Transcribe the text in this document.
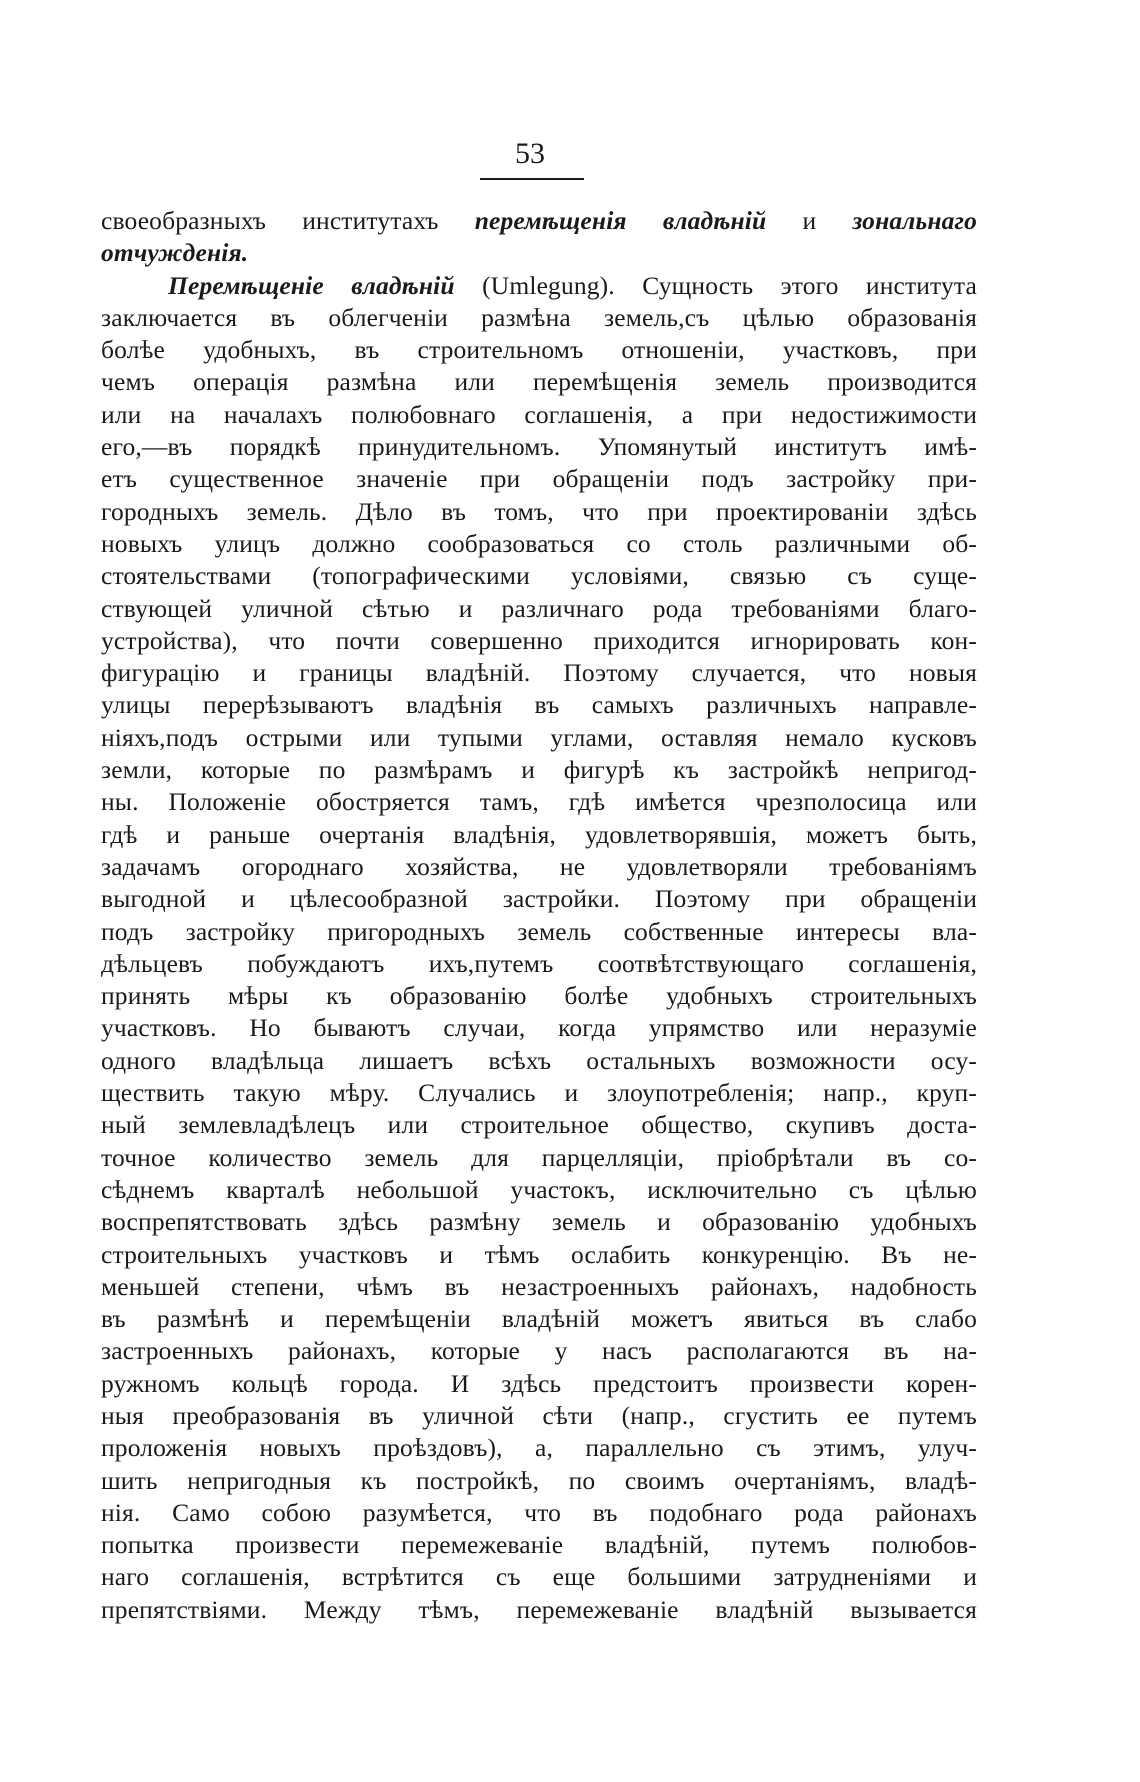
53
своеобразныхъ институтахъ перемѣщенія владѣній и зональнаго
отчужденія.
Перемѣщеніе владѣній (Umlegung). Сущность этого института
заключается въ облегченіи размѣна земель,съ цѣлью образованія
болѣе удобныхъ, въ строительномъ отношеніи, участковъ, при
чемъ операція размѣна или перемѣщенія земель производится
или на началахъ полюбовнаго соглашенія, а при недостижимости
его,—въ порядкѣ принудительномъ. Упомянутый институтъ имѣ-
етъ существенное значеніе при обращеніи подъ застройку при-
городныхъ земель. Дѣло въ томъ, что при проектированіи здѣсь
новыхъ улицъ должно сообразоваться со столь различными об-
стоятельствами (топографическими условіями, связью съ суще-
ствующей уличной сѣтью и различнаго рода требованіями благо-
устройства), что почти совершенно приходится игнорировать кон-
фигурацію и границы владѣній. Поэтому случается, что новыя
улицы перерѣзываютъ владѣнія въ самыхъ различныхъ направле-
ніяхъ,подъ острыми или тупыми углами, оставляя немало кусковъ
земли, которые по размѣрамъ и фигурѣ къ застройкѣ непригод-
ны. Положеніе обостряется тамъ, гдѣ имѣется чрезполосица или
гдѣ и раньше очертанія владѣнія, удовлетворявшія, можетъ быть,
задачамъ огороднаго хозяйства, не удовлетворяли требованіямъ
выгодной и цѣлесообразной застройки. Поэтому при обращеніи
подъ застройку пригородныхъ земель собственные интересы вла-
дѣльцевъ побуждаютъ ихъ,путемъ соотвѣтствующаго соглашенія,
принять мѣры къ образованію болѣе удобныхъ строительныхъ
участковъ. Но бываютъ случаи, когда упрямство или неразуміе
одного владѣльца лишаетъ всѣхъ остальныхъ возможности осу-
ществить такую мѣру. Случались и злоупотребленія; напр., круп-
ный землевладѣлецъ или строительное общество, скупивъ доста-
точное количество земель для парцелляціи, пріобрѣтали въ со-
сѣднемъ кварталѣ небольшой участокъ, исключительно съ цѣлью
воспрепятствовать здѣсь размѣну земель и образованію удобныхъ
строительныхъ участковъ и тѣмъ ослабить конкуренцію. Въ не-
меньшей степени, чѣмъ въ незастроенныхъ районахъ, надобность
въ размѣнѣ и перемѣщеніи владѣній можетъ явиться въ слабо
застроенныхъ районахъ, которые у насъ располагаются въ на-
ружномъ кольцѣ города. И здѣсь предстоитъ произвести корен-
ныя преобразованія въ уличной сѣти (напр., сгустить ее путемъ
проложенія новыхъ проѣздовъ), а, параллельно съ этимъ, улуч-
шить непригодныя къ постройкѣ, по своимъ очертаніямъ, владѣ-
нія. Само собою разумѣется, что въ подобнаго рода районахъ
попытка произвести перемежеваніе владѣній, путемъ полюбов-
наго соглашенія, встрѣтится съ еще большими затрудненіями и
препятствіями. Между тѣмъ, перемежеваніе владѣній вызывается
